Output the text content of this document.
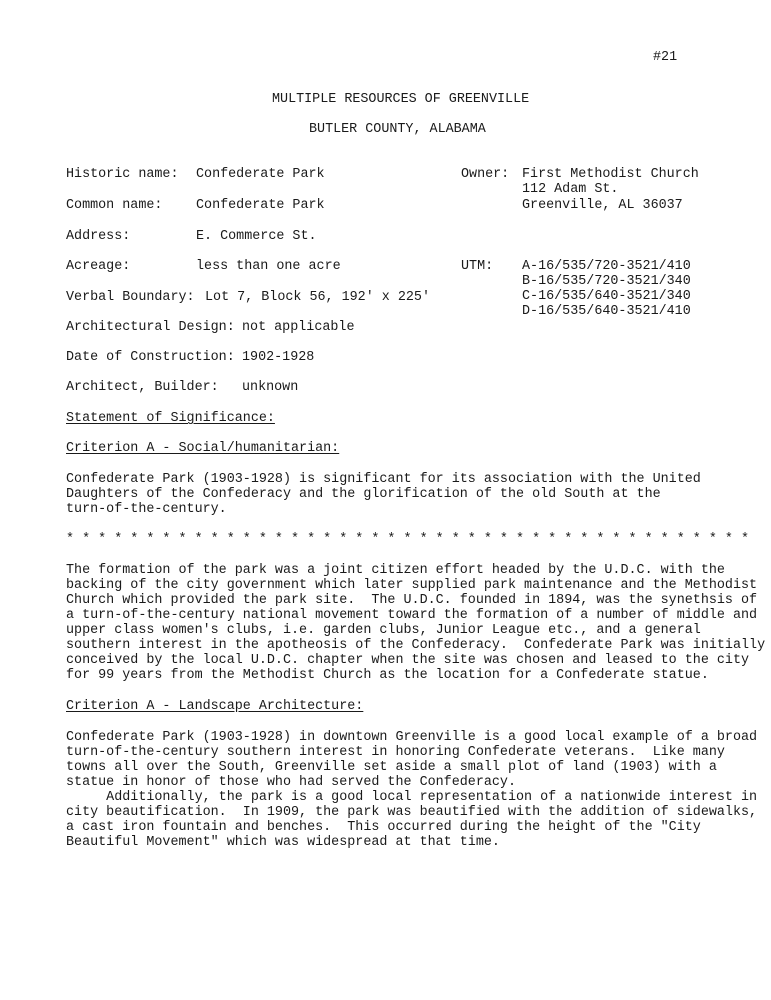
#21
MULTIPLE RESOURCES OF GREENVILLE
BUTLER COUNTY, ALABAMA
Historic name: Confederate Park
Common name:	Confederate Park
Address:	E. Commerce St.
Acreage:	less than one acre
Verbal Boundary: Lot 7, Block 56, 192' x 225'
Architectural Design: not applicable
Date of Construction: 1902-1928
Architect, Builder: unknown
Owner: First Methodist Church
112 Adam St.
Greenville, AL 36037
UTM: A-16/535/720-3521/410
B-16/535/720-3521/340
C-16/535/640-3521/340
D-16/535/640-3521/410
Statement of Significance:
Criterion A - Social/humanitarian:
Confederate Park (1903-1928) is significant for its association with the United
Daughters of the Confederacy and the glorification of the old South at the
turn-of-the-century.
* * * * * * * * * * * * * * * * * * * * * * * * * * * * * * * * * * * * * * * * * * *
The formation of the park was a joint citizen effort headed by the U.D.C. with the
backing of the city government which later supplied park maintenance and the Methodist
Church which provided the park site.  The U.D.C. founded in 1894, was the synethsis of
a turn-of-the-century national movement toward the formation of a number of middle and
upper class women's clubs, i.e. garden clubs, Junior League etc., and a general
southern interest in the apotheosis of the Confederacy.  Confederate Park was initially
conceived by the local U.D.C. chapter when the site was chosen and leased to the city
for 99 years from the Methodist Church as the location for a Confederate statue.
Criterion A - Landscape Architecture:
Confederate Park (1903-1928) in downtown Greenville is a good local example of a broad
turn-of-the-century southern interest in honoring Confederate veterans.  Like many
towns all over the South, Greenville set aside a small plot of land (1903) with a
statue in honor of those who had served the Confederacy.
Additionally, the park is a good local representation of a nationwide interest in
city beautification.  In 1909, the park was beautified with the addition of sidewalks,
a cast iron fountain and benches.  This occurred during the height of the "City
Beautiful Movement" which was widespread at that time.
